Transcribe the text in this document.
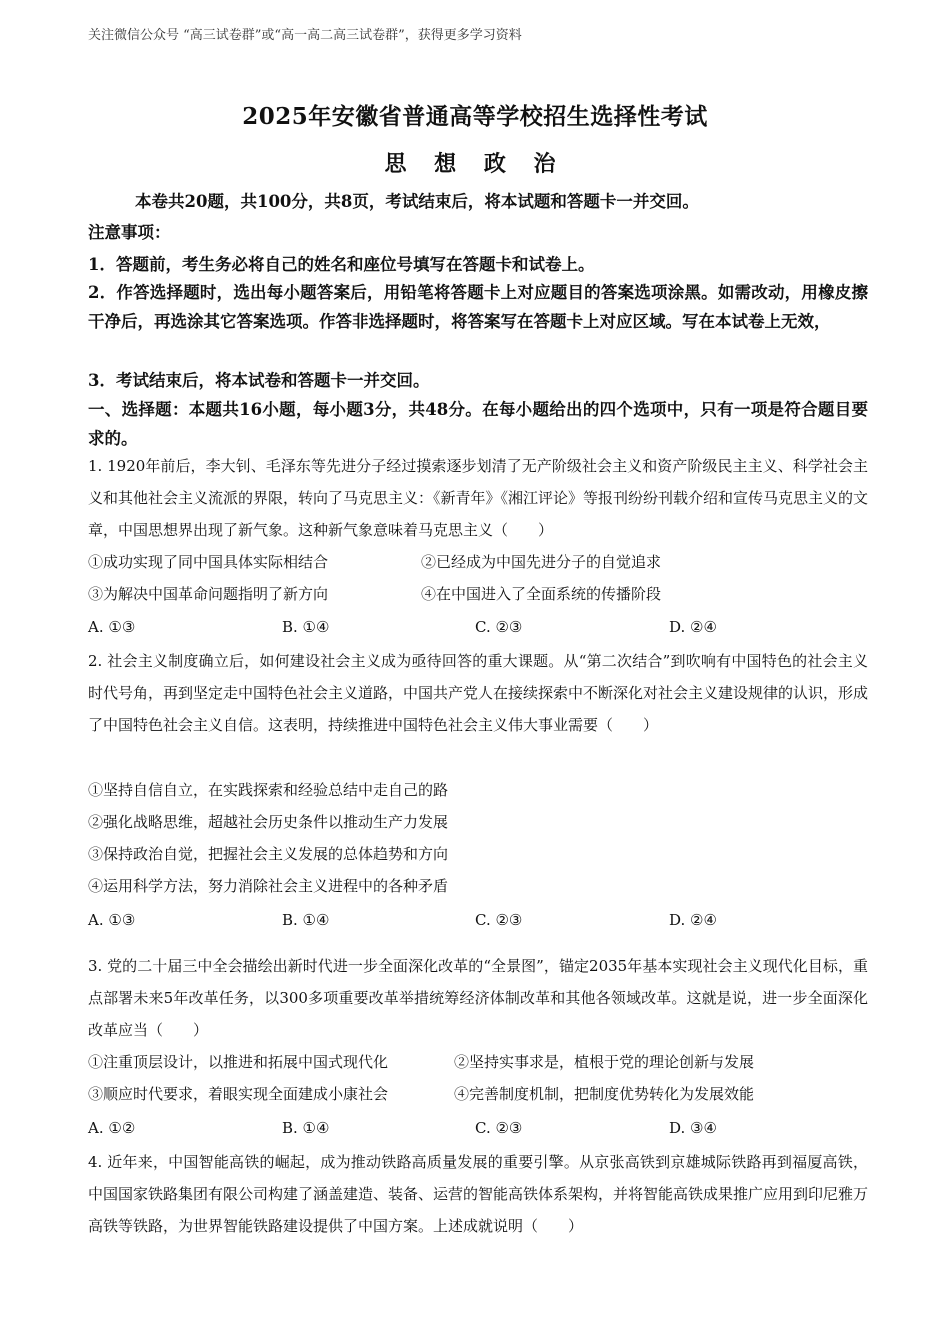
关注微信公众号 “高三试卷群”或“高一高二高三试卷群”，获得更多学习资料
2025年安徽省普通高等学校招生选择性考试
思 想 政 治
本卷共20题，共100分，共8页，考试结束后，将本试题和答题卡一并交回。
注意事项：
1．答题前，考生务必将自己的姓名和座位号填写在答题卡和试卷上。
2．作答选择题时，选出每小题答案后，用铅笔将答题卡上对应题目的答案选项涂黑。如需改动，用橡皮擦干净后，再选涂其它答案选项。作答非选择题时，将答案写在答题卡上对应区域。写在本试卷上无效，
3．考试结束后，将本试卷和答题卡一并交回。
一、选择题：本题共16小题，每小题3分，共48分。在每小题给出的四个选项中，只有一项是符合题目要求的。
1. 1920年前后，李大钊、毛泽东等先进分子经过摸索逐步划清了无产阶级社会主义和资产阶级民主主义、科学社会主义和其他社会主义流派的界限，转向了马克思主义：《新青年》《湘江评论》等报刊纷纷刊载介绍和宣传马克思主义的文章，中国思想界出现了新气象。这种新气象意味着马克思主义（　　）
①成功实现了同中国具体实际相结合	②已经成为中国先进分子的自觉追求
③为解决中国革命问题指明了新方向	④在中国进入了全面系统的传播阶段
A. ①③	B. ①④	C. ②③	D. ②④
2. 社会主义制度确立后，如何建设社会主义成为亟待回答的重大课题。从“第二次结合”到吹响有中国特色的社会主义时代号角，再到坚定走中国特色社会主义道路，中国共产党人在接续探索中不断深化对社会主义建设规律的认识，形成了中国特色社会主义自信。这表明，持续推进中国特色社会主义伟大事业需要（　　）
①坚持自信自立，在实践探索和经验总结中走自己的路
②强化战略思维，超越社会历史条件以推动生产力发展
③保持政治自觉，把握社会主义发展的总体趋势和方向
④运用科学方法，努力消除社会主义进程中的各种矛盾
A. ①③	B. ①④	C. ②③	D. ②④
3. 党的二十届三中全会描绘出新时代进一步全面深化改革的“全景图”，锚定2035年基本实现社会主义现代化目标，重点部署未来5年改革任务，以300多项重要改革举措统筹经济体制改革和其他各领域改革。这就是说，进一步全面深化改革应当（　　）
①注重顶层设计，以推进和拓展中国式现代化	②坚持实事求是，植根于党的理论创新与发展
③顺应时代要求，着眼实现全面建成小康社会	④完善制度机制，把制度优势转化为发展效能
A. ①②	B. ①④	C. ②③	D. ③④
4. 近年来，中国智能高铁的崛起，成为推动铁路高质量发展的重要引擎。从京张高铁到京雄城际铁路再到福厦高铁，中国国家铁路集团有限公司构建了涵盖建造、装备、运营的智能高铁体系架构，并将智能高铁成果推广应用到印尼雅万高铁等铁路，为世界智能铁路建设提供了中国方案。上述成就说明（　　）
